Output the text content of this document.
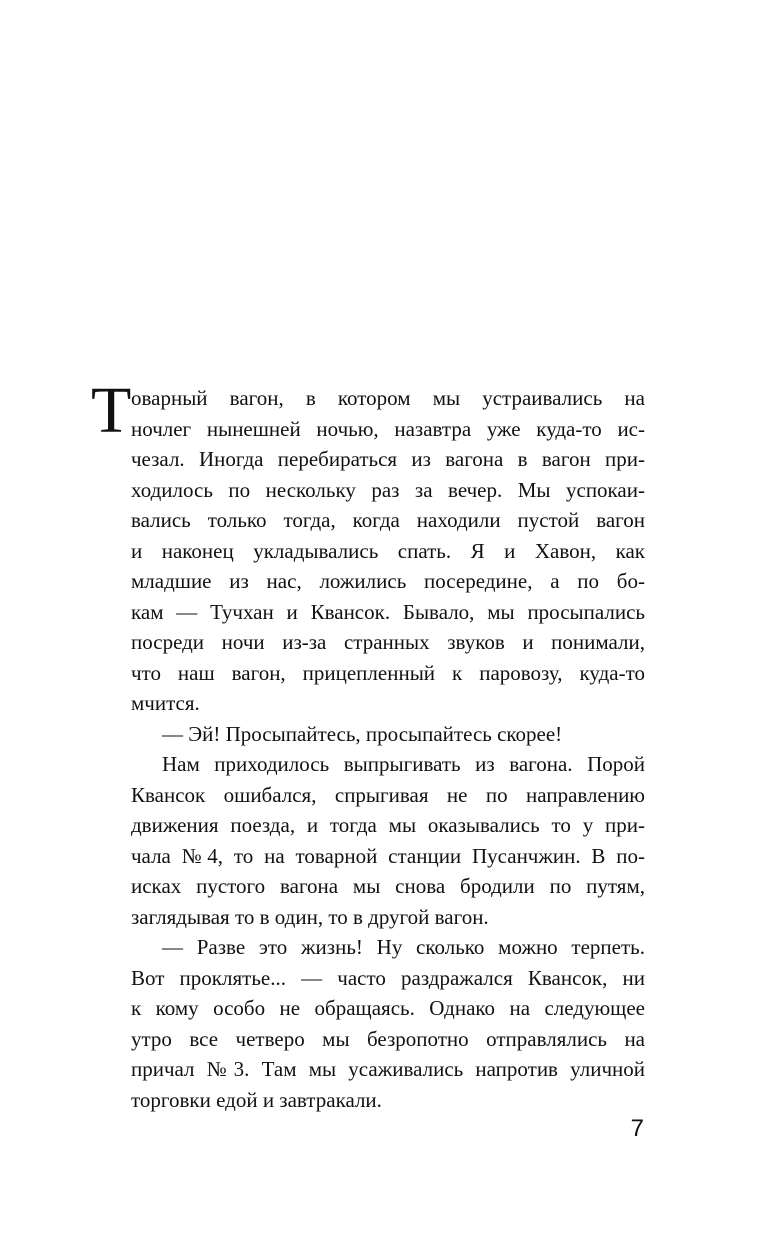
Т оварный вагон, в котором мы устраивались на
ночлег нынешней ночью, назавтра уже куда-то ис-
чезал. Иногда перебираться из вагона в вагон при-
ходилось по нескольку раз за вечер. Мы успокаи-
вались только тогда, когда находили пустой вагон
и наконец укладывались спать. Я и Хавон, как
младшие из нас, ложились посередине, а по бо-
кам — Тучхан и Квансок. Бывало, мы просыпались
посреди ночи из-за странных звуков и понимали,
что наш вагон, прицепленный к паровозу, куда-то
мчится.
— Эй! Просыпайтесь, просыпайтесь скорее!
Нам приходилось выпрыгивать из вагона. Порой
Квансок ошибался, спрыгивая не по направлению
движения поезда, и тогда мы оказывались то у при-
чала №4, то на товарной станции Пусанчжин. В по-
исках пустого вагона мы снова бродили по путям,
заглядывая то в один, то в другой вагон.
— Разве это жизнь! Ну сколько можно терпеть.
Вот проклятье... — часто раздражался Квансок, ни
к кому особо не обращаясь. Однако на следующее
утро все четверо мы безропотно отправлялись на
причал №3. Там мы усаживались напротив уличной
торговки едой и завтракали.
7
